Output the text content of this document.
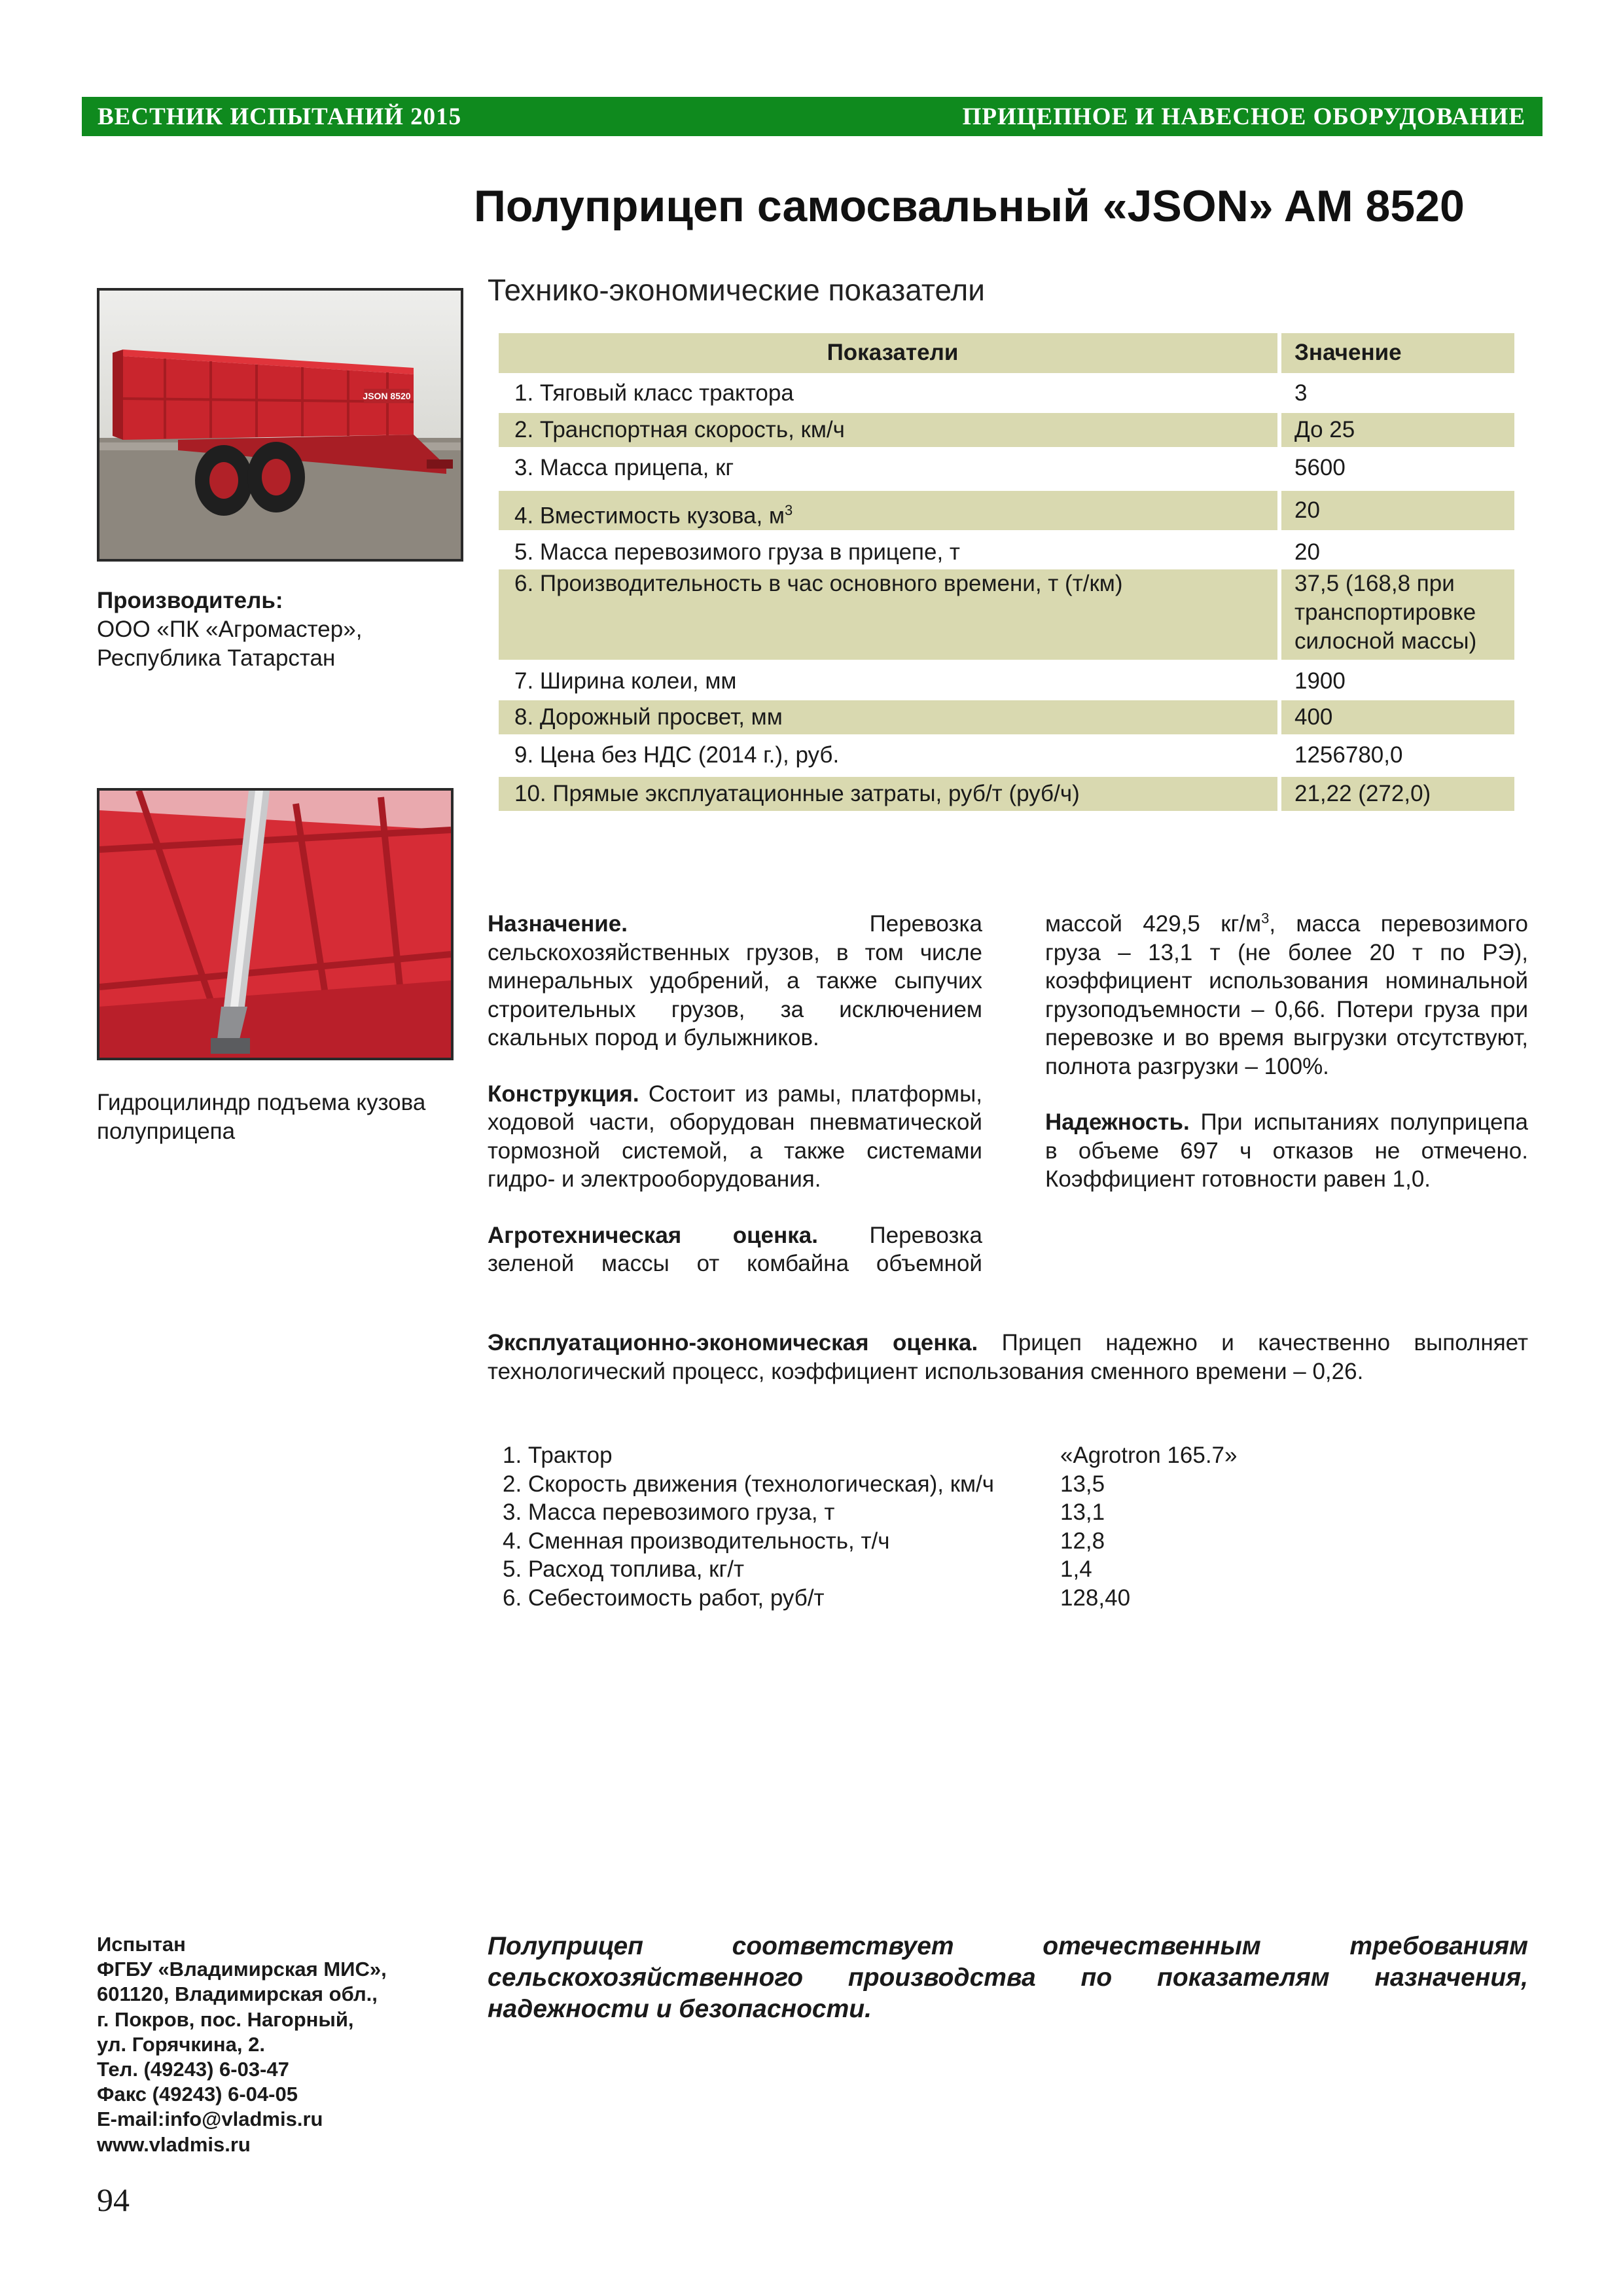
ВЕСТНИК ИСПЫТАНИЙ 2015	ПРИЦЕПНОЕ И НАВЕСНОЕ ОБОРУДОВАНИЕ
Полуприцеп самосвальный «JSON» AM 8520
Технико-экономические показатели
Показатели	Значение
1. Тяговый класс трактора	3
2. Транспортная скорость, км/ч	До 25
3. Масса прицепа, кг	5600
4. Вместимость кузова, $м^3$	20
5. Масса перевозимого груза в прицепе, т	20
6. Производительность в час основного времени, т (т/км)	37,5 (168,8 при транспортировке силосной массы)
7. Ширина колеи, мм	1900
8. Дорожный просвет, мм	400
9. Цена без НДС (2014 г.), руб.	1256780,0
10. Прямые эксплуатационные затраты, руб/т (руб/ч)	21,22 (272,0)
JSON 8520
Производитель:
ООО «ПК «Агромастер»,
Республика Татарстан
Гидроцилиндр подъема кузова
полуприцепа
Назначение. Перевозка сельскохозяйственных грузов, в том числе минеральных удобрений, а также сыпучих строительных грузов, за исключением скальных пород и булыжников.
Конструкция. Состоит из рамы, платформы, ходовой части, оборудован пневматической тормозной системой, а также системами гидро- и электрооборудования.
Агротехническая оценка. Перевозка зеленой массы от комбайна объемной
массой 429,5 $кг/м^3$, масса перевозимого груза – 13,1 т (не более 20 т по РЭ), коэффициент использования номинальной грузоподъемности – 0,66. Потери груза при перевозке и во время выгрузки отсутствуют, полнота разгрузки – 100%.
Надежность. При испытаниях полуприцепа в объеме 697 ч отказов не отмечено. Коэффициент готовности равен 1,0.
Эксплуатационно-экономическая оценка. Прицеп надежно и качественно выполняет технологический процесс, коэффициент использования сменного времени – 0,26.
1. Трактор	«Agrotron 165.7»
2. Скорость движения (технологическая), км/ч	13,5
3. Масса перевозимого груза, т	13,1
4. Сменная производительность, т/ч	12,8
5. Расход топлива, кг/т	1,4
6. Себестоимость работ, руб/т	128,40
Испытан
ФГБУ «Владимирская МИС»,
601120, Владимирская обл.,
г. Покров, пос. Нагорный,
ул. Горячкина, 2.
Тел. (49243) 6-03-47
Факс (49243) 6-04-05
E-mail:info@vladmis.ru
www.vladmis.ru
Полуприцеп соответствует отечественным требованиям сельскохозяйственного производства по показателям назначения, надежности и безопасности.
94
